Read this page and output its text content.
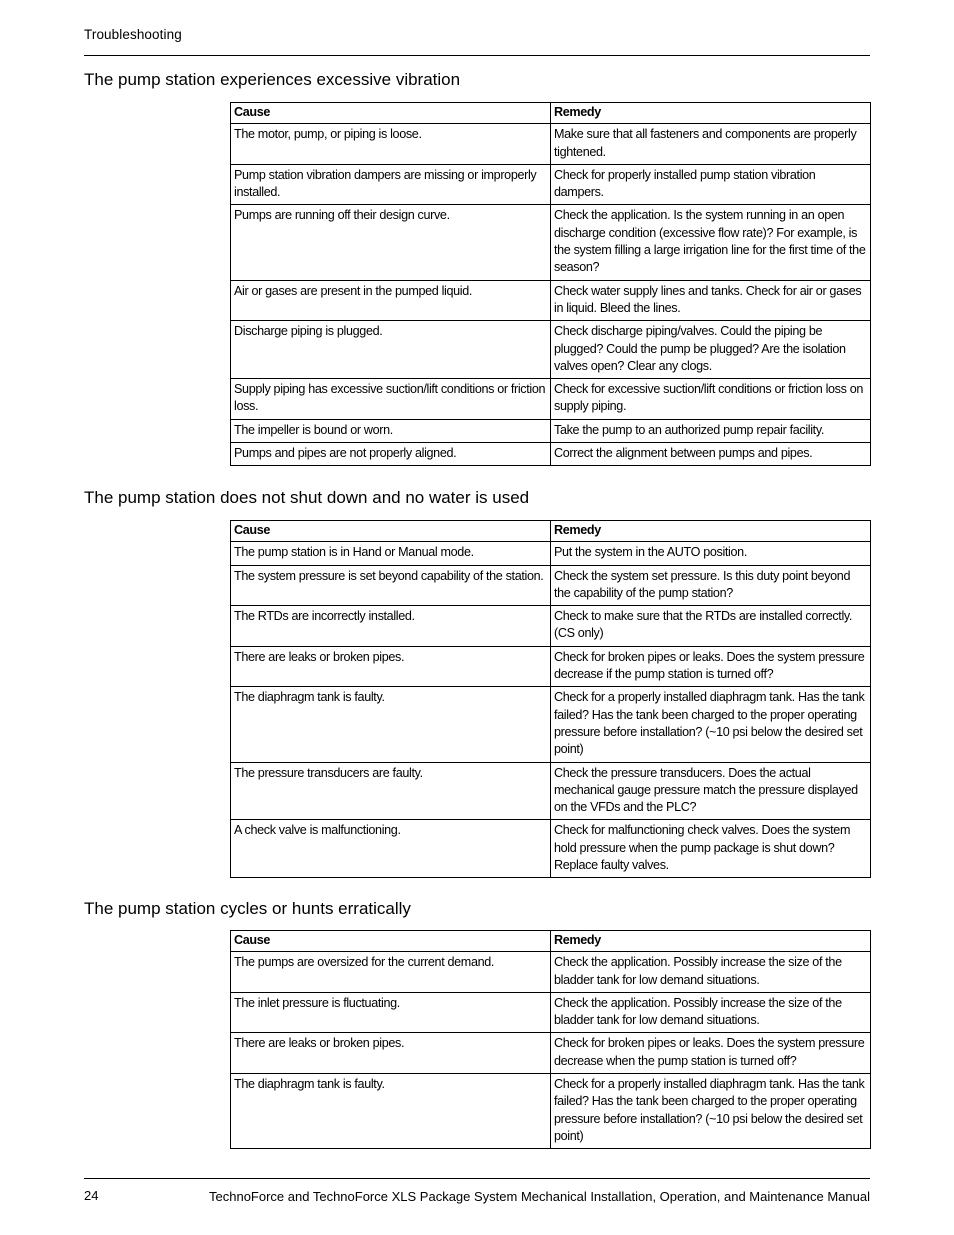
Troubleshooting
The pump station experiences excessive vibration
Cause	Remedy
The motor, pump, or piping is loose.	Make sure that all fasteners and components are properly tightened.
Pump station vibration dampers are missing or improperly installed.	Check for properly installed pump station vibration dampers.
Pumps are running off their design curve.	Check the application. Is the system running in an open discharge condition (excessive flow rate)? For example, is the system filling a large irrigation line for the first time of the season?
Air or gases are present in the pumped liquid.	Check water supply lines and tanks. Check for air or gases in liquid. Bleed the lines.
Discharge piping is plugged.	Check discharge piping/valves. Could the piping be plugged? Could the pump be plugged? Are the isolation valves open? Clear any clogs.
Supply piping has excessive suction/lift conditions or friction loss.	Check for excessive suction/lift conditions or friction loss on supply piping.
The impeller is bound or worn.	Take the pump to an authorized pump repair facility.
Pumps and pipes are not properly aligned.	Correct the alignment between pumps and pipes.
The pump station does not shut down and no water is used
Cause	Remedy
The pump station is in Hand or Manual mode.	Put the system in the AUTO position.
The system pressure is set beyond capability of the station.	Check the system set pressure. Is this duty point beyond the capability of the pump station?
The RTDs are incorrectly installed.	Check to make sure that the RTDs are installed correctly. (CS only)
There are leaks or broken pipes.	Check for broken pipes or leaks. Does the system pressure decrease if the pump station is turned off?
The diaphragm tank is faulty.	Check for a properly installed diaphragm tank. Has the tank failed? Has the tank been charged to the proper operating pressure before installation? (~10 psi below the desired set point)
The pressure transducers are faulty.	Check the pressure transducers. Does the actual mechanical gauge pressure match the pressure displayed on the VFDs and the PLC?
A check valve is malfunctioning.	Check for malfunctioning check valves. Does the system hold pressure when the pump package is shut down? Replace faulty valves.
The pump station cycles or hunts erratically
Cause	Remedy
The pumps are oversized for the current demand.	Check the application. Possibly increase the size of the bladder tank for low demand situations.
The inlet pressure is fluctuating.	Check the application. Possibly increase the size of the bladder tank for low demand situations.
There are leaks or broken pipes.	Check for broken pipes or leaks. Does the system pressure decrease when the pump station is turned off?
The diaphragm tank is faulty.	Check for a properly installed diaphragm tank. Has the tank failed? Has the tank been charged to the proper operating pressure before installation? (~10 psi below the desired set point)
24	TechnoForce and TechnoForce XLS Package System Mechanical Installation, Operation, and Maintenance Manual
